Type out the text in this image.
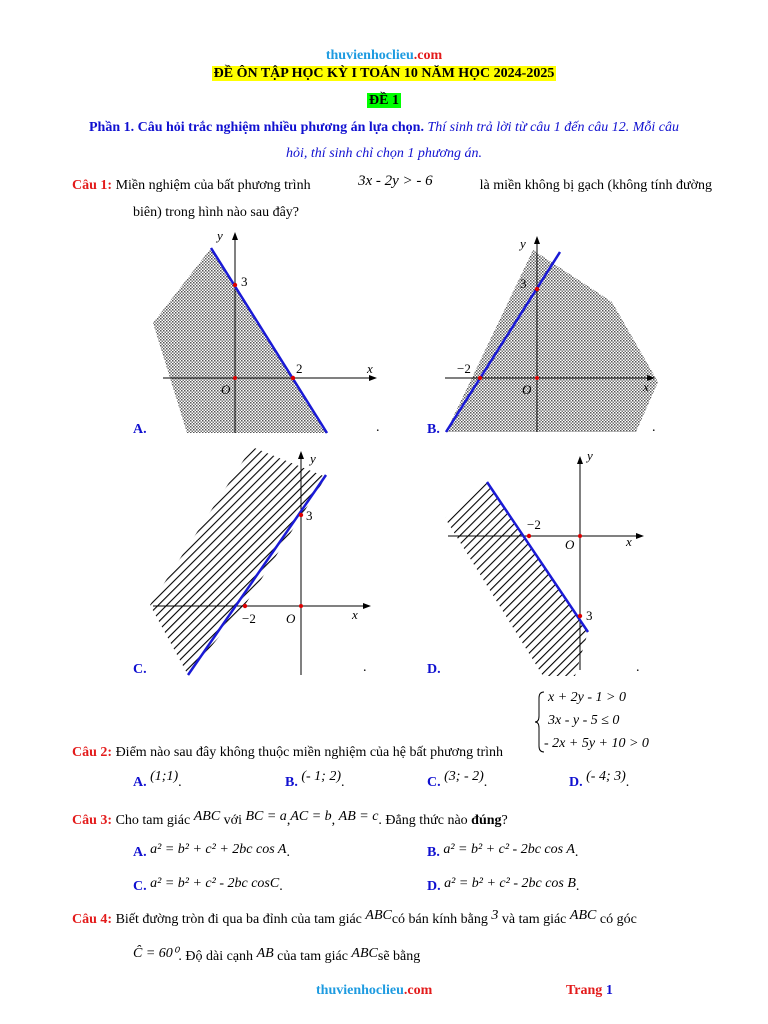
thuvienhoclieu.com
ĐỀ ÔN TẬP HỌC KỲ I TOÁN 10 NĂM HỌC 2024-2025
ĐỀ 1
Phần 1. Câu hỏi trắc nghiệm nhiều phương án lựa chọn. Thí sinh trả lời từ câu 1 đến câu 12. Mỗi câu
hỏi, thí sinh chỉ chọn 1 phương án.
Câu 1: Miền nghiệm của bất phương trình	3x - 2y > - 6	là miền không bị gạch (không tính đường
biên) trong hình nào sau đây?
y
x
3
2
O
A.	.
y
x
3
−2
O
B.	.
y
x
3
−2 O
C.	.
y
x
3
−2
O
D.	.
x + 2y - 1 > 0
3x - y - 5 ≤ 0
- 2x + 5y + 10 > 0
Câu 2: Điểm nào sau đây không thuộc miền nghiệm của hệ bất phương trình
A. (1;1).	B. (- 1; 2).	C. (3; - 2).	D. (- 4; 3).
Câu 3: Cho tam giác ABC với BC = a,AC = b, AB = c. Đẳng thức nào đúng?
A. a² = b² + c² + 2bc cos A.	B. a² = b² + c² - 2bc cos A.
C. a² = b² + c² - 2bc cosC.	D. a² = b² + c² - 2bc cos B.
Câu 4: Biết đường tròn đi qua ba đỉnh của tam giác ABCcó bán kính bằng 3 và tam giác ABC có góc
Ĉ = 60⁰. Độ dài cạnh AB của tam giác ABCsẽ bằng
thuvienhoclieu.com	Trang 1
